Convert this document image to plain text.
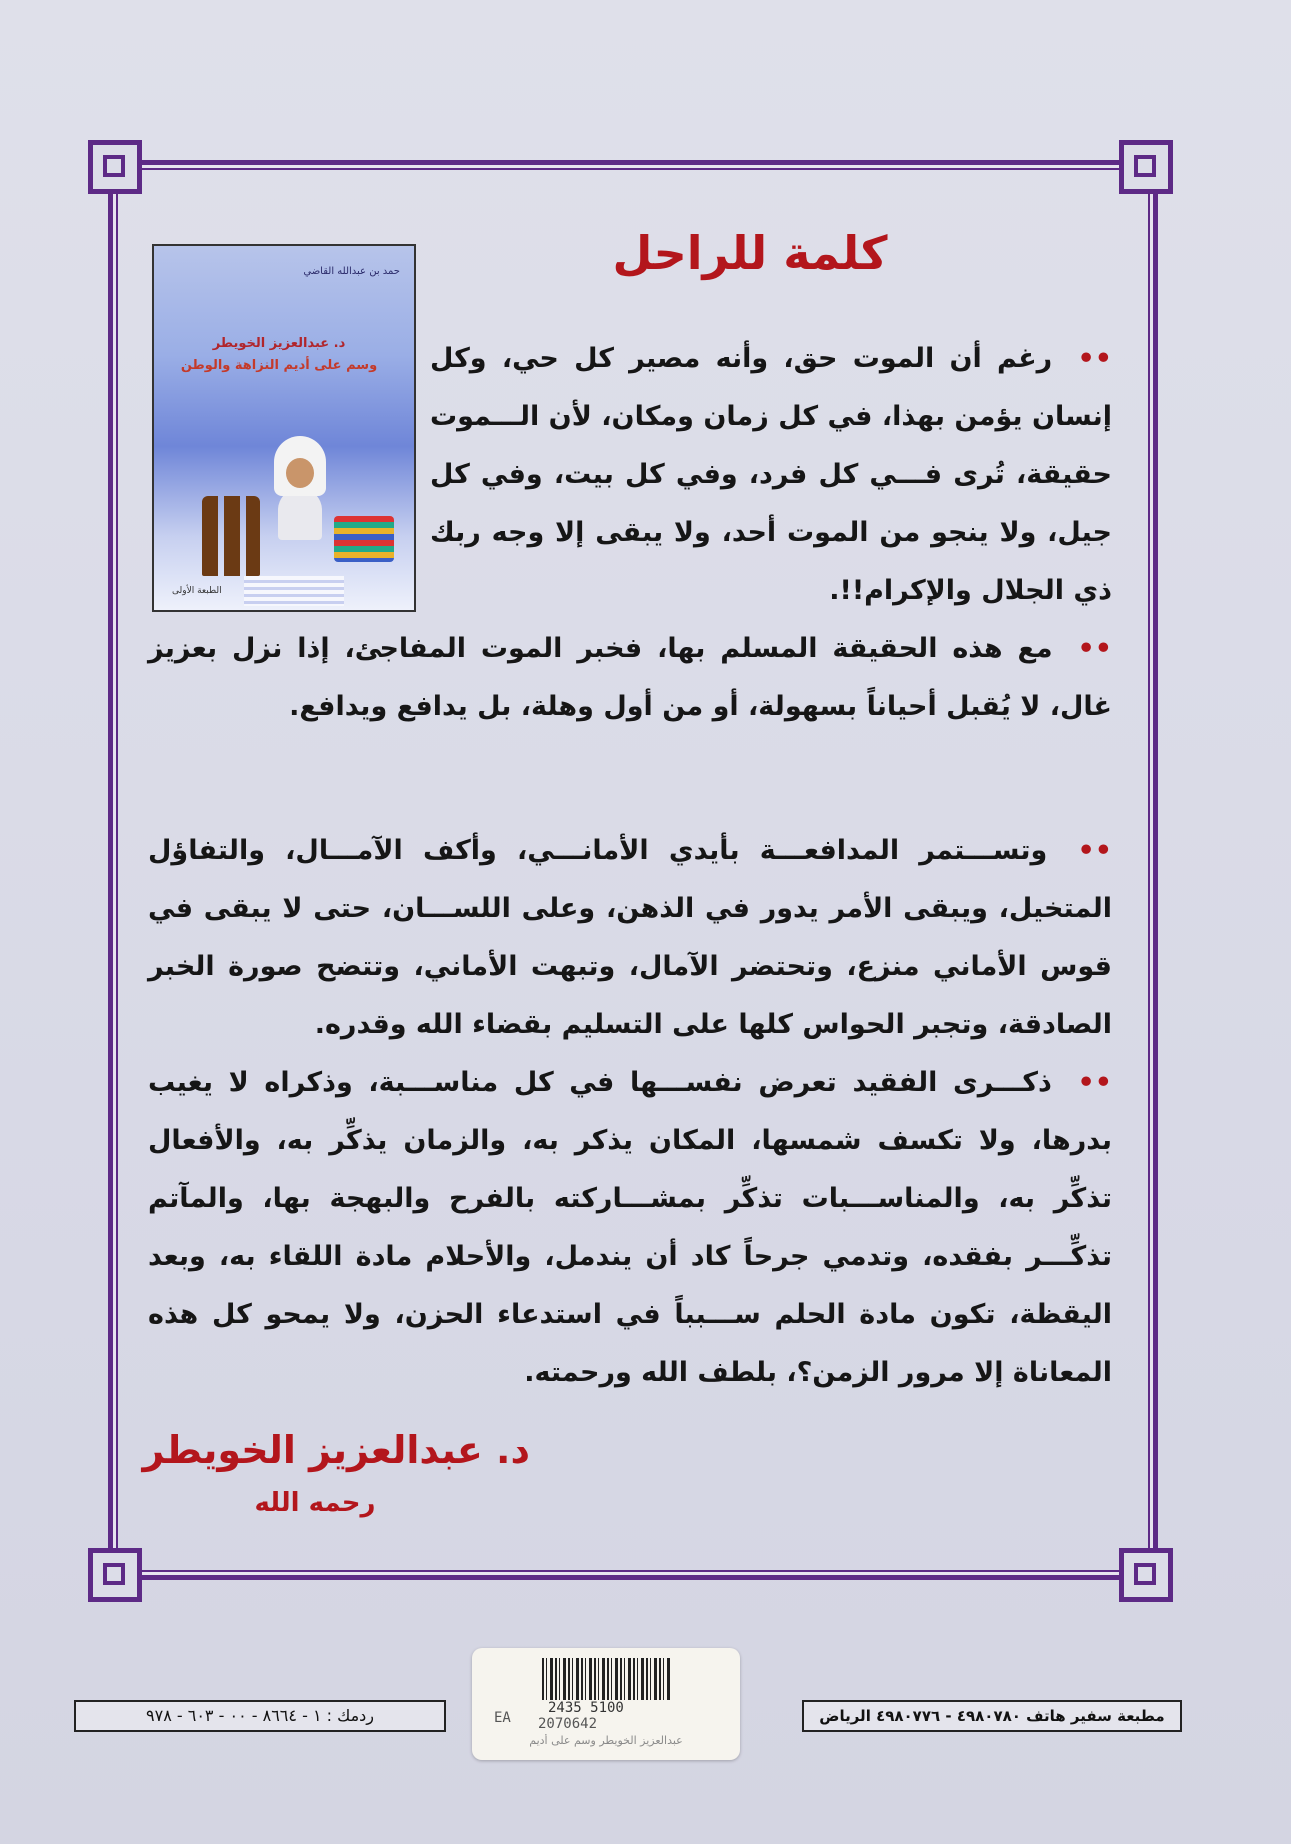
حمد بن عبدالله القاضي
د. عبدالعزيز الخويطر
وسم على أديم النزاهة والوطن
الطبعة الأولى
كلمة للراحل
•• رغم أن الموت حق، وأنه مصير كل حي، وكل إنسان يؤمن بهذا، في كل زمان ومكان، لأن الـــموت حقيقة، تُرى فـــي كل فرد، وفي كل بيت، وفي كل جيل، ولا ينجو من الموت أحد، ولا يبقى إلا وجه ربك ذي الجلال والإكرام!!.
•• مع هذه الحقيقة المسلم بها، فخبر الموت المفاجئ، إذا نزل بعزيز غال، لا يُقبل أحياناً بسهولة، أو من أول وهلة، بل يدافع ويدافع.
•• وتســـتمر المدافعـــة بأيدي الأمانـــي، وأكف الآمـــال، والتفاؤل المتخيل، ويبقى الأمر يدور في الذهن، وعلى اللســـان، حتى لا يبقى في قوس الأماني منزع، وتحتضر الآمال، وتبهت الأماني، وتتضح صورة الخبر الصادقة، وتجبر الحواس كلها على التسليم بقضاء الله وقدره.
•• ذكـــرى الفقيد تعرض نفســـها في كل مناســـبة، وذكراه لا يغيب بدرها، ولا تكسف شمسها، المكان يذكر به، والزمان يذكِّر به، والأفعال تذكِّر به، والمناســـبات تذكِّر بمشـــاركته بالفرح والبهجة بها، والمآتم تذكِّـــر بفقده، وتدمي جرحاً كاد أن يندمل، والأحلام مادة اللقاء به، وبعد اليقظة، تكون مادة الحلم ســـبباً في استدعاء الحزن، ولا يمحو كل هذه المعاناة إلا مرور الزمن؟، بلطف الله ورحمته.
د. عبدالعزيز الخويطر
رحمه الله
ردمك : ١ - ٨٦٦٤ - ٠٠ - ٦٠٣ - ٩٧٨	2435 5100
EA 2070642
عبدالعزيز الخويطر وسم على أديم
مطبعة سفير هاتف ٤٩٨٠٧٨٠ - ٤٩٨٠٧٧٦ الرياض
